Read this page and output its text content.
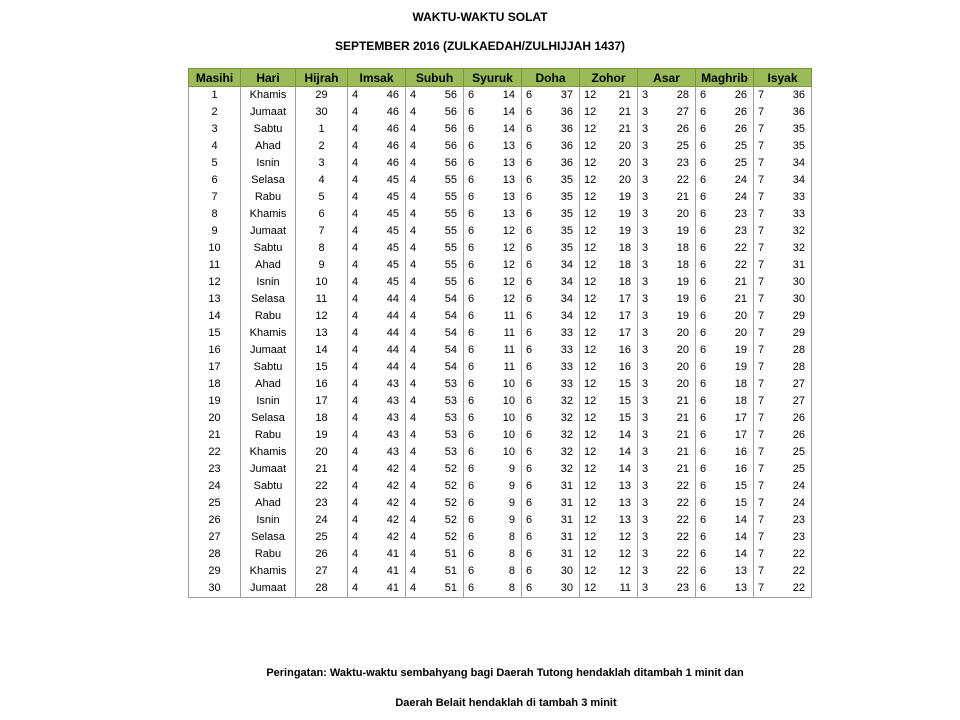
WAKTU-WAKTU SOLAT
SEPTEMBER 2016 (ZULKAEDAH/ZULHIJJAH 1437)
Masihi	Hari	Hijrah	Imsak	Subuh	Syuruk	Doha	Zohor	Asar	Maghrib	Isyak
1	Khamis	29	4 46	4 56	6 14	6 37	12 21	3 28	6 26	7 36

2	Jumaat	30	4 46	4 56	6 14	6 36	12 21	3 27	6 26	7 36

3	Sabtu	1	4 46	4 56	6 14	6 36	12 21	3 26	6 26	7 35

4	Ahad	2	4 46	4 56	6 13	6 36	12 20	3 25	6 25	7 35

5	Isnin	3	4 46	4 56	6 13	6 36	12 20	3 23	6 25	7 34

6	Selasa	4	4 45	4 55	6 13	6 35	12 20	3 22	6 24	7 34

7	Rabu	5	4 45	4 55	6 13	6 35	12 19	3 21	6 24	7 33

8	Khamis	6	4 45	4 55	6 13	6 35	12 19	3 20	6 23	7 33

9	Jumaat	7	4 45	4 55	6 12	6 35	12 19	3 19	6 23	7 32

10	Sabtu	8	4 45	4 55	6 12	6 35	12 18	3 18	6 22	7 32

11	Ahad	9	4 45	4 55	6 12	6 34	12 18	3 18	6 22	7 31

12	Isnin	10	4 45	4 55	6 12	6 34	12 18	3 19	6 21	7 30

13	Selasa	11	4 44	4 54	6 12	6 34	12 17	3 19	6 21	7 30

14	Rabu	12	4 44	4 54	6 11	6 34	12 17	3 19	6 20	7 29

15	Khamis	13	4 44	4 54	6 11	6 33	12 17	3 20	6 20	7 29

16	Jumaat	14	4 44	4 54	6 11	6 33	12 16	3 20	6 19	7 28

17	Sabtu	15	4 44	4 54	6 11	6 33	12 16	3 20	6 19	7 28

18	Ahad	16	4 43	4 53	6 10	6 33	12 15	3 20	6 18	7 27

19	Isnin	17	4 43	4 53	6 10	6 32	12 15	3 21	6 18	7 27

20	Selasa	18	4 43	4 53	6 10	6 32	12 15	3 21	6 17	7 26

21	Rabu	19	4 43	4 53	6 10	6 32	12 14	3 21	6 17	7 26

22	Khamis	20	4 43	4 53	6 10	6 32	12 14	3 21	6 16	7 25

23	Jumaat	21	4 42	4 52	6 9	6 32	12 14	3 21	6 16	7 25

24	Sabtu	22	4 42	4 52	6 9	6 31	12 13	3 22	6 15	7 24

25	Ahad	23	4 42	4 52	6 9	6 31	12 13	3 22	6 15	7 24

26	Isnin	24	4 42	4 52	6 9	6 31	12 13	3 22	6 14	7 23

27	Selasa	25	4 42	4 52	6 8	6 31	12 12	3 22	6 14	7 23

28	Rabu	26	4 41	4 51	6 8	6 31	12 12	3 22	6 14	7 22

29	Khamis	27	4 41	4 51	6 8	6 30	12 12	3 22	6 13	7 22

30	Jumaat	28	4 41	4 51	6 8	6 30	12 11	3 23	6 13	7 22
Peringatan: Waktu-waktu sembahyang bagi Daerah Tutong hendaklah ditambah 1 minit dan
Daerah Belait hendaklah di tambah 3 minit
